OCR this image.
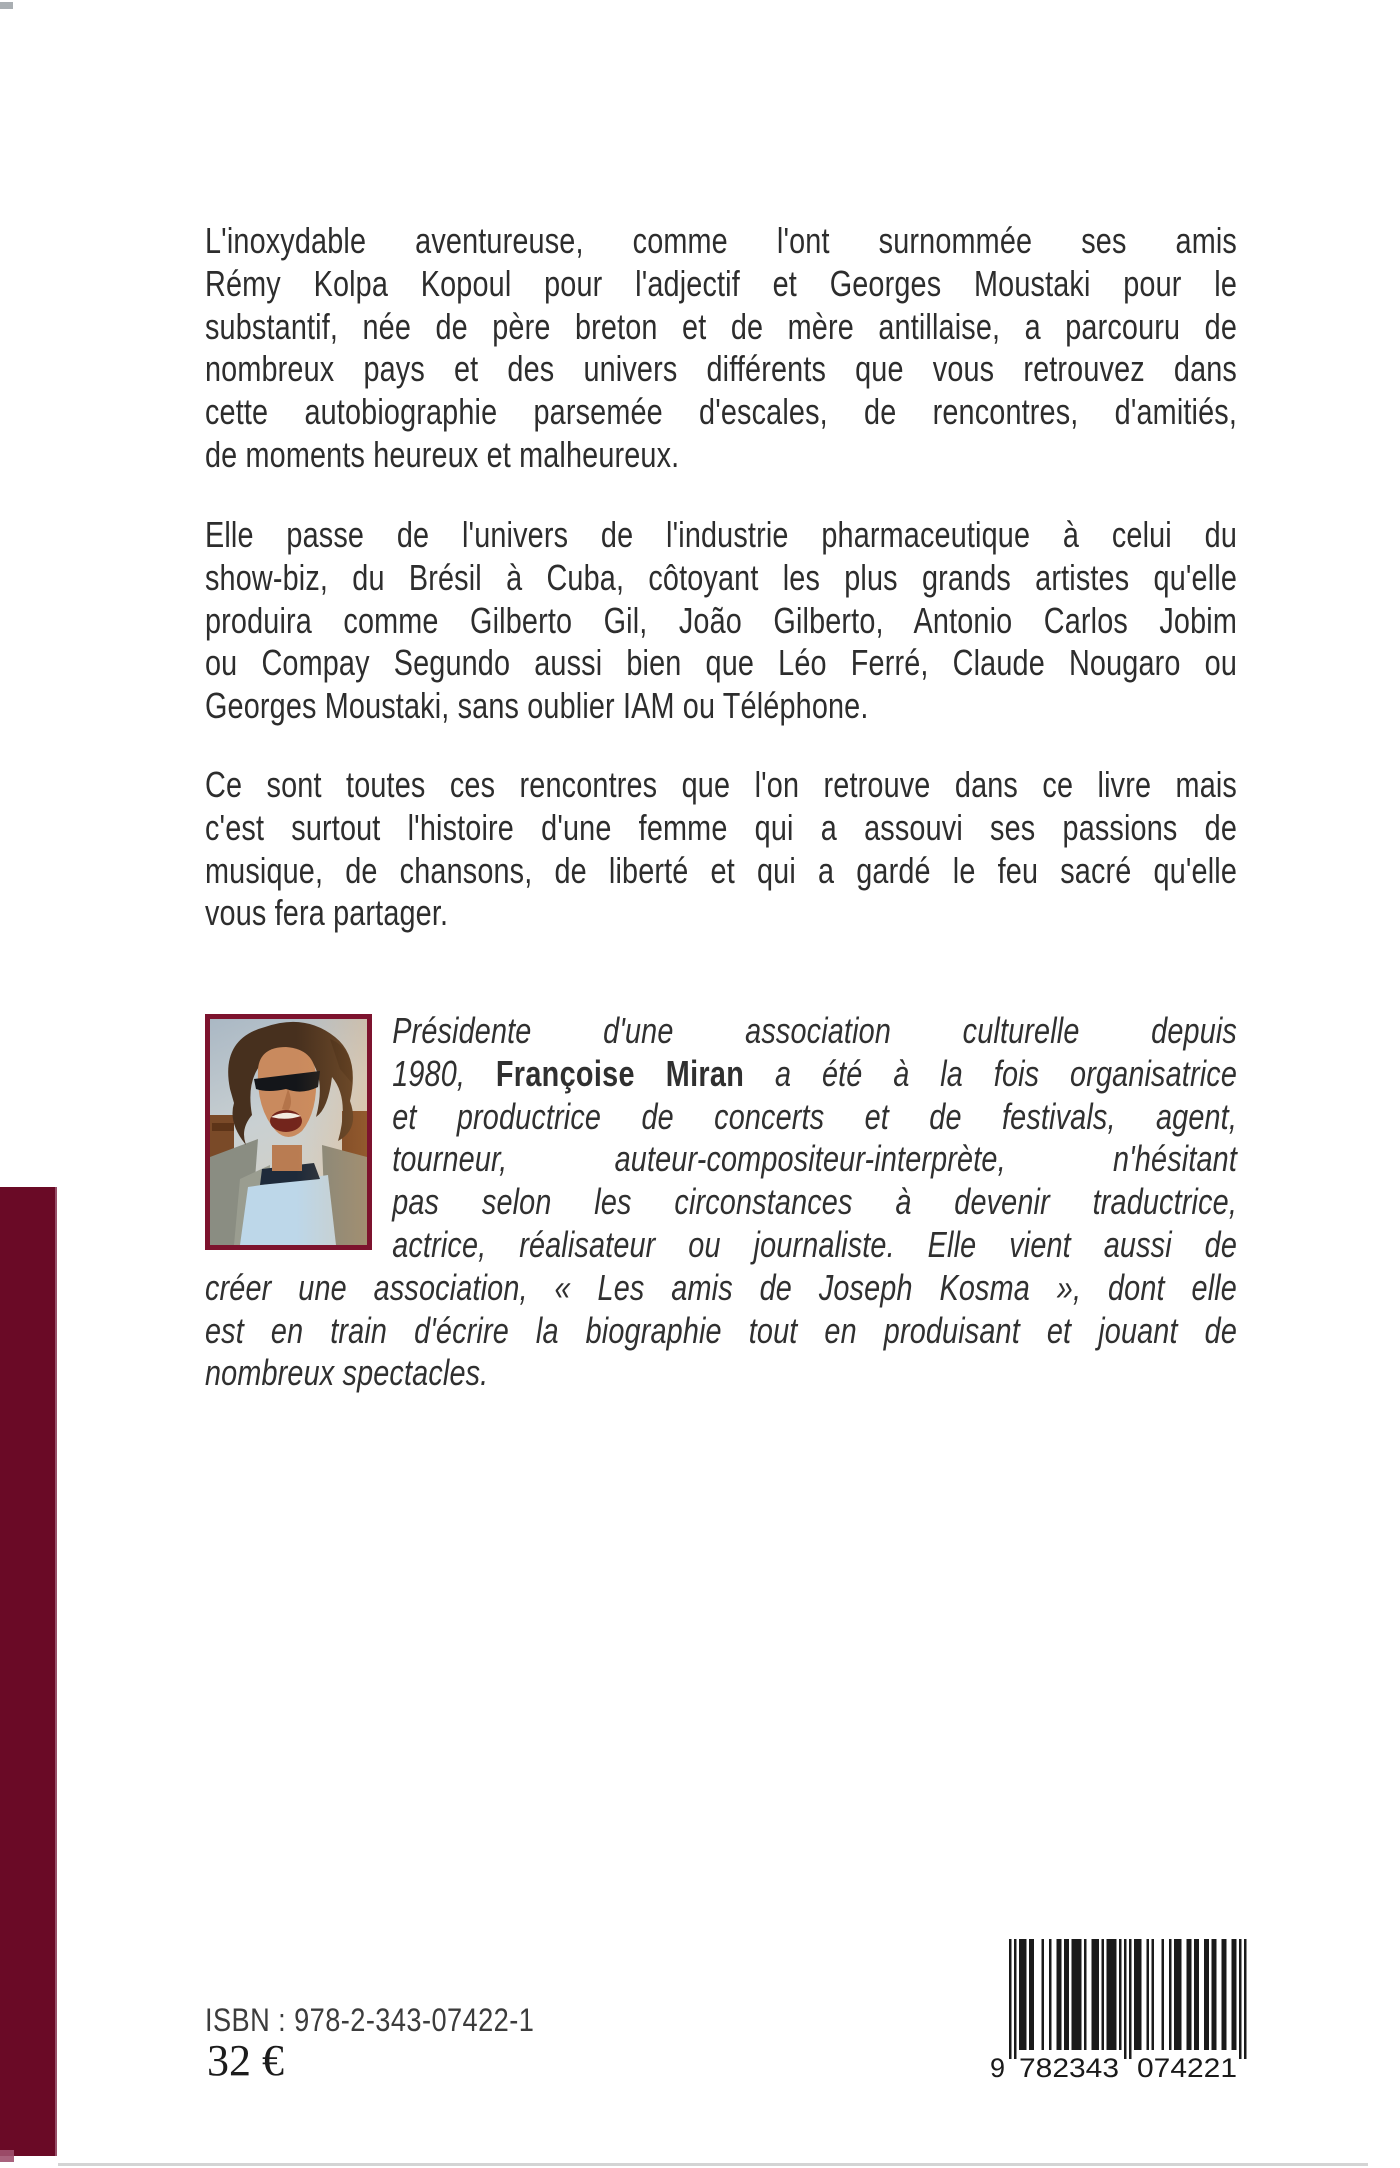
L'inoxydable aventureuse, comme l'ont surnommée ses amis
Rémy Kolpa Kopoul pour l'adjectif et Georges Moustaki pour le
substantif, née de père breton et de mère antillaise, a parcouru de
nombreux pays et des univers différents que vous retrouvez dans
cette autobiographie parsemée d'escales, de rencontres, d'amitiés,
de moments heureux et malheureux.
Elle passe de l'univers de l'industrie pharmaceutique à celui du
show-biz, du Brésil à Cuba, côtoyant les plus grands artistes qu'elle
produira comme Gilberto Gil, João Gilberto, Antonio Carlos Jobim
ou Compay Segundo aussi bien que Léo Ferré, Claude Nougaro ou
Georges Moustaki, sans oublier IAM ou Téléphone.
Ce sont toutes ces rencontres que l'on retrouve dans ce livre mais
c'est surtout l'histoire d'une femme qui a assouvi ses passions de
musique, de chansons, de liberté et qui a gardé le feu sacré qu'elle
vous fera partager.
Présidente d'une association culturelle depuis
1980, Françoise Miran a été à la fois organisatrice
et productrice de concerts et de festivals, agent,
tourneur, auteur-compositeur-interprète, n'hésitant
pas selon les circonstances à devenir traductrice,
actrice, réalisateur ou journaliste. Elle vient aussi de
créer une association, « Les amis de Joseph Kosma », dont elle
est en train d'écrire la biographie tout en produisant et jouant de
nombreux spectacles.
ISBN : 978-2-343-07422-1
32 €	9 782343 074221
